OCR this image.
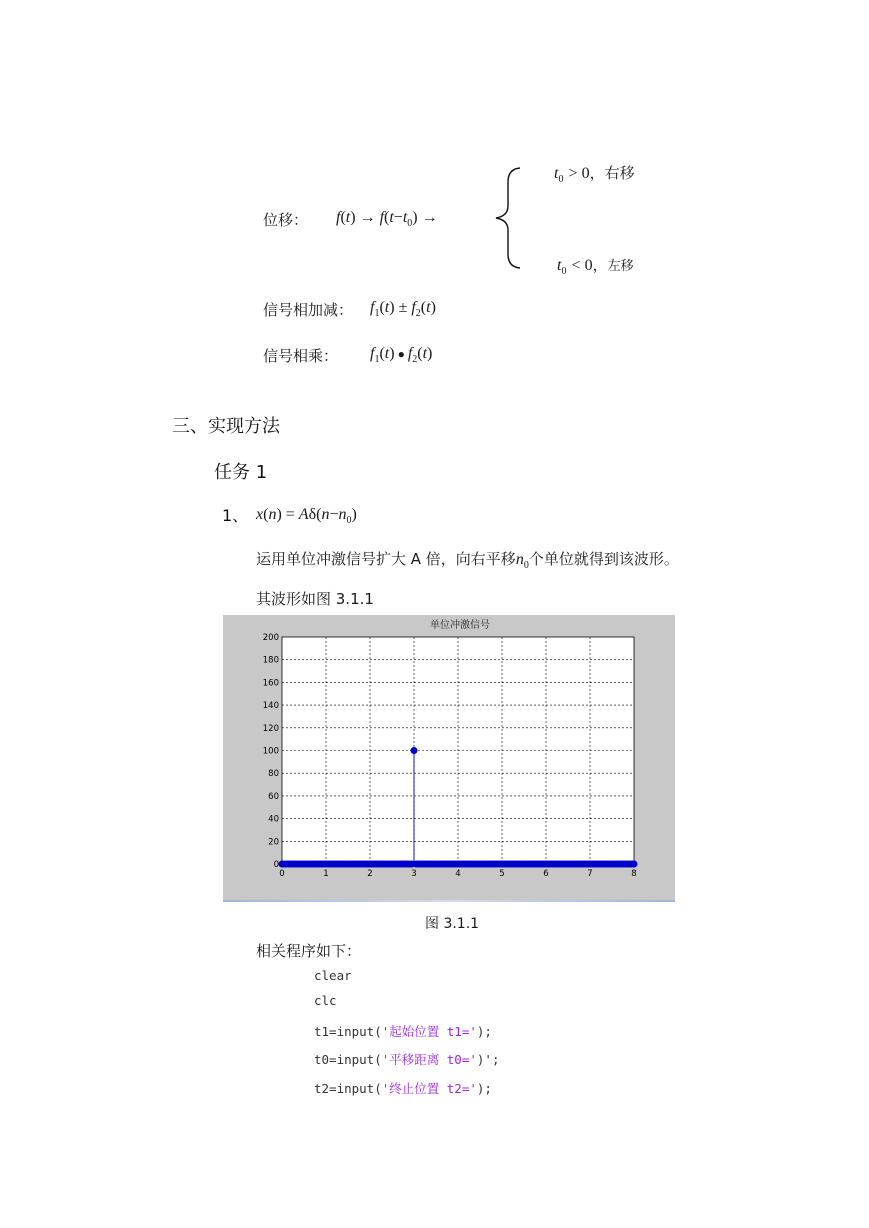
位移： $f(t) \to f(t-t_0)$ →
$t_0 > 0$，右移
$t_0 < 0$，左移
信号相加减： $f_1(t) \pm f_2(t)$
信号相乘： $f_1(t)$ ● $f_2(t)$
三、实现方法
任务 1
1、 $x(n) = A\delta(n-n_0)$
运用单位冲激信号扩大 A 倍，向右平移$n_0$个单位就得到该波形。
其波形如图 3.1.1
0	1	2	3	4	5	6	7	8
0
20
40
60
80
100
120
140
160
180
200
单位冲激信号
图 3.1.1
相关程序如下：
clear
clc
t1=input('起始位置 t1=');
t0=input('平移距离 t0=')';
t2=input('终止位置 t2=');
